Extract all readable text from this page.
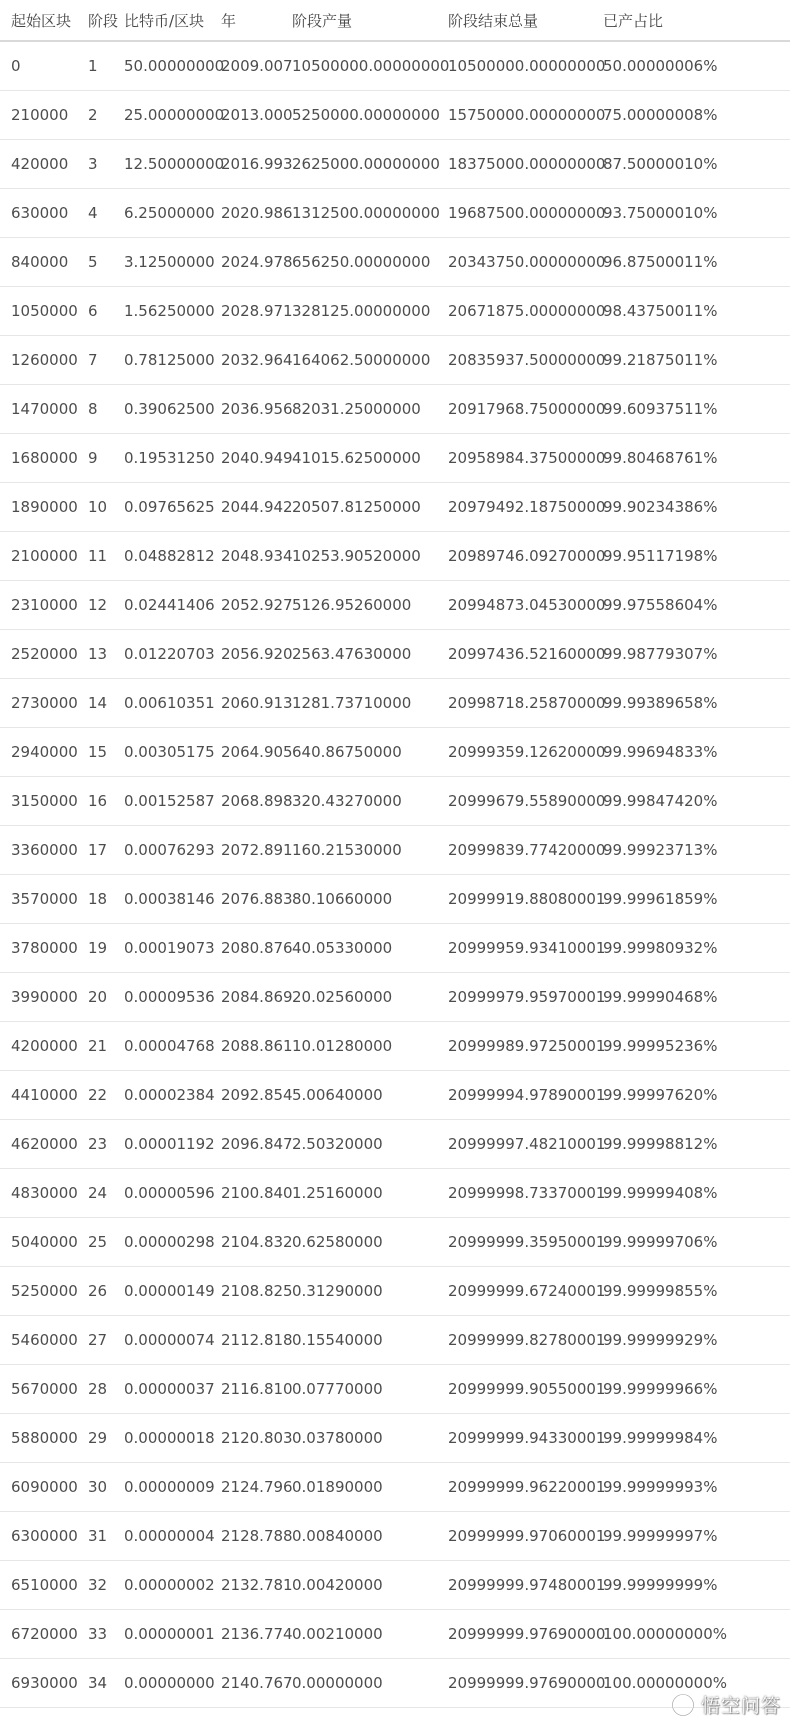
起始区块	阶段	比特币/区块	年	阶段产量	阶段结束总量	已产占比
0	1	50.00000000	2009.007	10500000.00000000	10500000.00000000	50.00000006%
210000	2	25.00000000	2013.000	5250000.00000000	15750000.00000000	75.00000008%
420000	3	12.50000000	2016.993	2625000.00000000	18375000.00000000	87.50000010%
630000	4	6.25000000	2020.986	1312500.00000000	19687500.00000000	93.75000010%
840000	5	3.12500000	2024.978	656250.00000000	20343750.00000000	96.87500011%
1050000	6	1.56250000	2028.971	328125.00000000	20671875.00000000	98.43750011%
1260000	7	0.78125000	2032.964	164062.50000000	20835937.50000000	99.21875011%
1470000	8	0.39062500	2036.956	82031.25000000	20917968.75000000	99.60937511%
1680000	9	0.19531250	2040.949	41015.62500000	20958984.37500000	99.80468761%
1890000	10	0.09765625	2044.942	20507.81250000	20979492.18750000	99.90234386%
2100000	11	0.04882812	2048.934	10253.90520000	20989746.09270000	99.95117198%
2310000	12	0.02441406	2052.927	5126.95260000	20994873.04530000	99.97558604%
2520000	13	0.01220703	2056.920	2563.47630000	20997436.52160000	99.98779307%
2730000	14	0.00610351	2060.913	1281.73710000	20998718.25870000	99.99389658%
2940000	15	0.00305175	2064.905	640.86750000	20999359.12620000	99.99694833%
3150000	16	0.00152587	2068.898	320.43270000	20999679.55890000	99.99847420%
3360000	17	0.00076293	2072.891	160.21530000	20999839.77420000	99.99923713%
3570000	18	0.00038146	2076.883	80.10660000	20999919.88080001	99.99961859%
3780000	19	0.00019073	2080.876	40.05330000	20999959.93410001	99.99980932%
3990000	20	0.00009536	2084.869	20.02560000	20999979.95970001	99.99990468%
4200000	21	0.00004768	2088.861	10.01280000	20999989.97250001	99.99995236%
4410000	22	0.00002384	2092.854	5.00640000	20999994.97890001	99.99997620%
4620000	23	0.00001192	2096.847	2.50320000	20999997.48210001	99.99998812%
4830000	24	0.00000596	2100.840	1.25160000	20999998.73370001	99.99999408%
5040000	25	0.00000298	2104.832	0.62580000	20999999.35950001	99.99999706%
5250000	26	0.00000149	2108.825	0.31290000	20999999.67240001	99.99999855%
5460000	27	0.00000074	2112.818	0.15540000	20999999.82780001	99.99999929%
5670000	28	0.00000037	2116.810	0.07770000	20999999.90550001	99.99999966%
5880000	29	0.00000018	2120.803	0.03780000	20999999.94330001	99.99999984%
6090000	30	0.00000009	2124.796	0.01890000	20999999.96220001	99.99999993%
6300000	31	0.00000004	2128.788	0.00840000	20999999.97060001	99.99999997%
6510000	32	0.00000002	2132.781	0.00420000	20999999.97480001	99.99999999%
6720000	33	0.00000001	2136.774	0.00210000	20999999.97690000	100.00000000%
6930000	34	0.00000000	2140.767	0.00000000	20999999.97690000	100.00000000%
悟空问答
